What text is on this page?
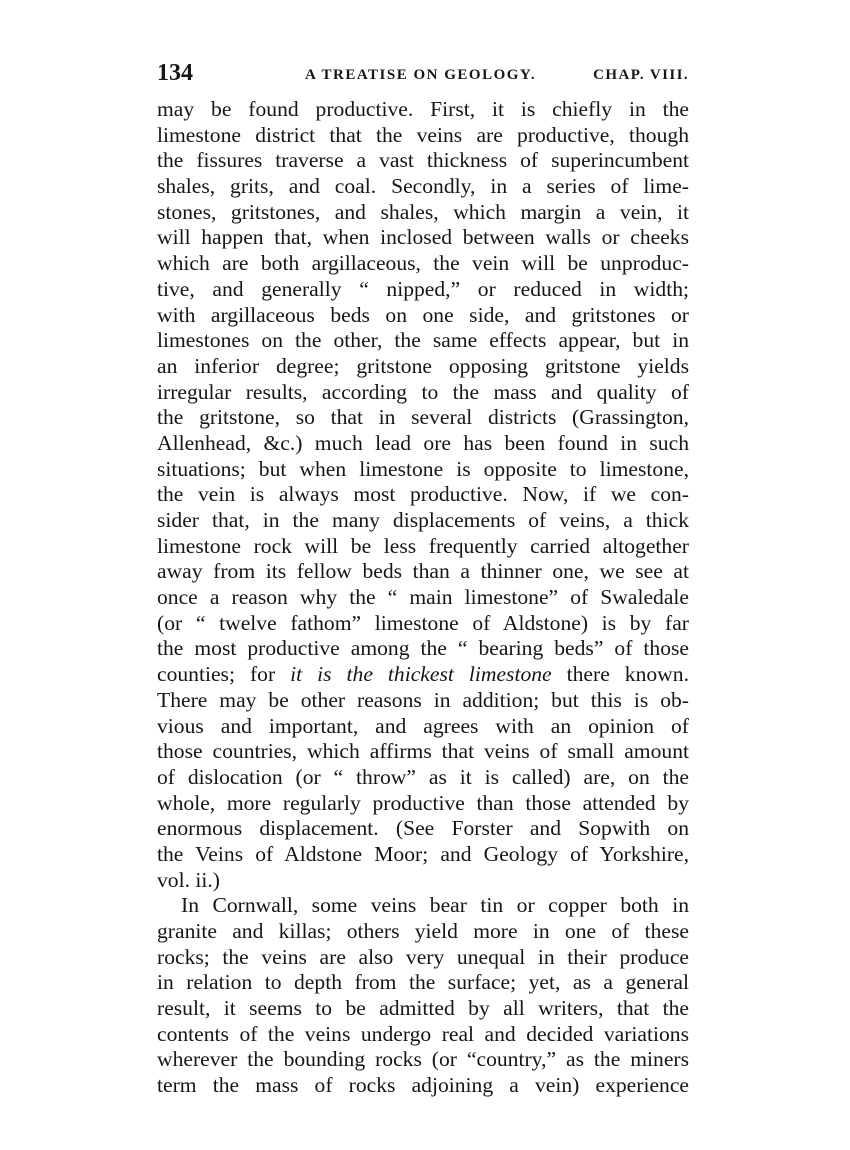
134	A TREATISE ON GEOLOGY.	CHAP. VIII.
may be found productive. First, it is chiefly in the
limestone district that the veins are productive, though
the fissures traverse a vast thickness of superincumbent
shales, grits, and coal. Secondly, in a series of lime-
stones, gritstones, and shales, which margin a vein, it
will happen that, when inclosed between walls or cheeks
which are both argillaceous, the vein will be unproduc-
tive, and generally “ nipped,” or reduced in width;
with argillaceous beds on one side, and gritstones or
limestones on the other, the same effects appear, but in
an inferior degree; gritstone opposing gritstone yields
irregular results, according to the mass and quality of
the gritstone, so that in several districts (Grassington,
Allenhead, &c.) much lead ore has been found in such
situations; but when limestone is opposite to limestone,
the vein is always most productive. Now, if we con-
sider that, in the many displacements of veins, a thick
limestone rock will be less frequently carried altogether
away from its fellow beds than a thinner one, we see at
once a reason why the “ main limestone” of Swaledale
(or “ twelve fathom” limestone of Aldstone) is by far
the most productive among the “ bearing beds” of those
counties; for it is the thickest limestone there known.
There may be other reasons in addition; but this is ob-
vious and important, and agrees with an opinion of
those countries, which affirms that veins of small amount
of dislocation (or “ throw” as it is called) are, on the
whole, more regularly productive than those attended by
enormous displacement. (See Forster and Sopwith on
the Veins of Aldstone Moor; and Geology of Yorkshire,
vol. ii.)
In Cornwall, some veins bear tin or copper both in
granite and killas; others yield more in one of these
rocks; the veins are also very unequal in their produce
in relation to depth from the surface; yet, as a general
result, it seems to be admitted by all writers, that the
contents of the veins undergo real and decided variations
wherever the bounding rocks (or “country,” as the miners
term the mass of rocks adjoining a vein) experience
